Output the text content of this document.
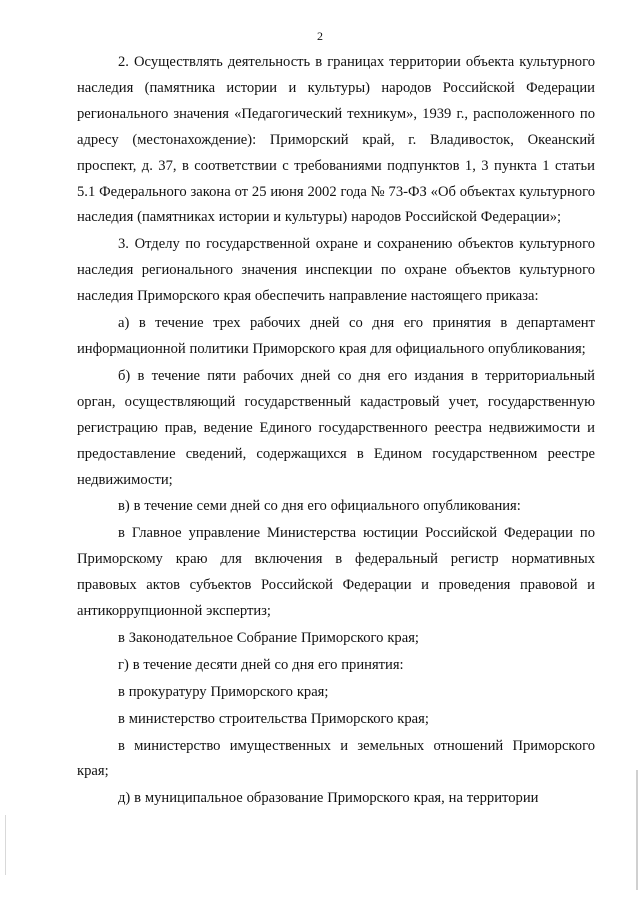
2

2. Осуществлять деятельность в границах территории объекта культурного наследия (памятника истории и культуры) народов Российской Федерации регионального значения «Педагогический техникум», 1939 г., расположенного по адресу (местонахождение): Приморский край, г. Владивосток, Океанский проспект, д. 37, в соответствии с требованиями подпунктов 1, 3 пункта 1 статьи 5.1 Федерального закона от 25 июня 2002 года № 73-ФЗ «Об объектах культурного наследия (памятниках истории и культуры) народов Российской Федерации»;

3. Отделу по государственной охране и сохранению объектов культурного наследия регионального значения инспекции по охране объектов культурного наследия Приморского края обеспечить направление настоящего приказа:

а) в течение трех рабочих дней со дня его принятия в департамент информационной политики Приморского края для официального опубликования;

б) в течение пяти рабочих дней со дня его издания в территориальный орган, осуществляющий государственный кадастровый учет, государственную регистрацию прав, ведение Единого государственного реестра недвижимости и предоставление сведений, содержащихся в Едином государственном реестре недвижимости;

в) в течение семи дней со дня его официального опубликования:

в Главное управление Министерства юстиции Российской Федерации по Приморскому краю для включения в федеральный регистр нормативных правовых актов субъектов Российской Федерации и проведения правовой и антикоррупционной экспертиз;

в Законодательное Собрание Приморского края;

г) в течение десяти дней со дня его принятия:

в прокуратуру Приморского края;

в министерство строительства Приморского края;

в министерство имущественных и земельных отношений Приморского края;

д) в муниципальное образование Приморского края, на территории
